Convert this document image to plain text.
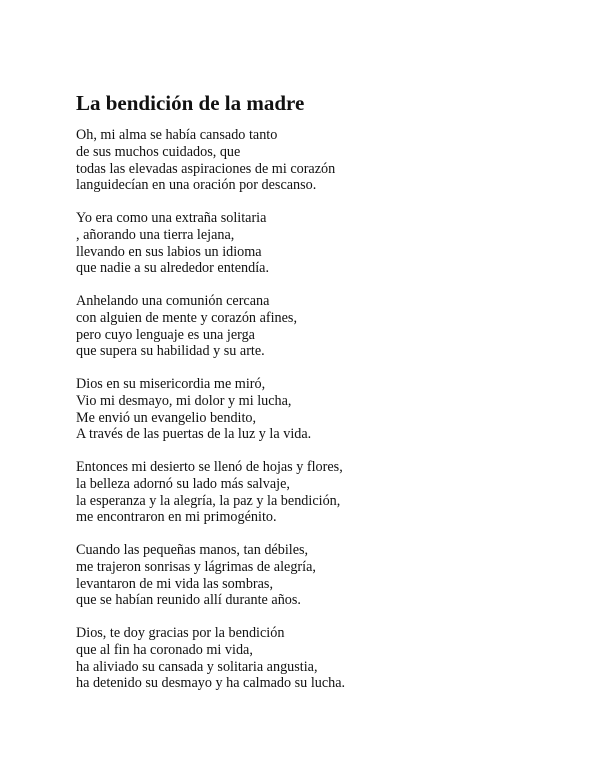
La bendición de la madre
Oh, mi alma se había cansado tanto
de sus muchos cuidados, que
todas las elevadas aspiraciones de mi corazón
languidecían en una oración por descanso.
Yo era como una extraña solitaria
, añorando una tierra lejana,
llevando en sus labios un idioma
que nadie a su alrededor entendía.
Anhelando una comunión cercana
con alguien de mente y corazón afines,
pero cuyo lenguaje es una jerga
que supera su habilidad y su arte.
Dios en su misericordia me miró,
Vio mi desmayo, mi dolor y mi lucha,
Me envió un evangelio bendito,
A través de las puertas de la luz y la vida.
Entonces mi desierto se llenó de hojas y flores,
la belleza adornó su lado más salvaje,
la esperanza y la alegría, la paz y la bendición,
me encontraron en mi primogénito.
Cuando las pequeñas manos, tan débiles,
me trajeron sonrisas y lágrimas de alegría,
levantaron de mi vida las sombras,
que se habían reunido allí durante años.
Dios, te doy gracias por la bendición
que al fin ha coronado mi vida,
ha aliviado su cansada y solitaria angustia,
ha detenido su desmayo y ha calmado su lucha.
